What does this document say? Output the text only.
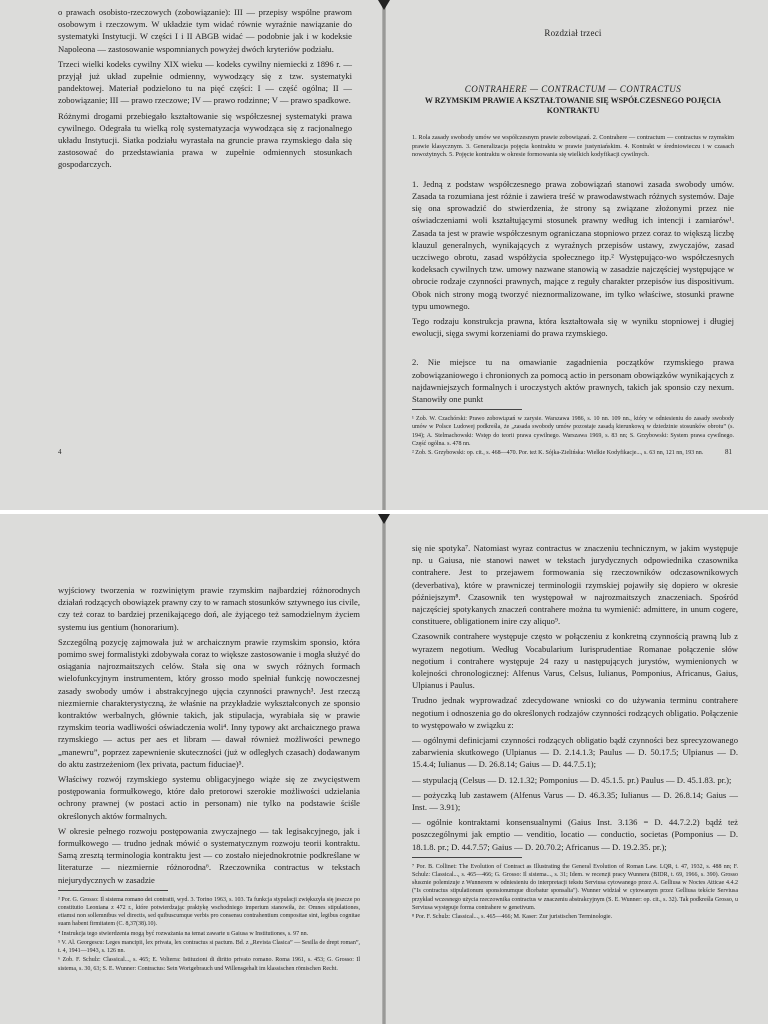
o prawach osobisto-rzeczowych (zobowiązanie): III — przepisy wspólne prawom osobowym i rzeczowym. W układzie tym widać równie wyraźnie nawiązanie do systematyki Instytucji. W części I i II ABGB widać — podobnie jak i w kodeksie Napoleona — zastosowanie wspomnianych powyżej dwóch kryteriów podziału.

Trzeci wielki kodeks cywilny XIX wieku — kodeks cywilny niemiecki z 1896 r. — przyjął już układ zupełnie odmienny, wywodzący się z tzw. systematyki pandektowej. Materiał podzielono tu na pięć części: I — część ogólna; II — zobowiązanie; III — prawo rzeczowe; IV — prawo rodzinne; V — prawo spadkowe.

Różnymi drogami przebiegało kształtowanie się współczesnej systematyki prawa cywilnego. Odegrała tu wielką rolę systematyzacja wywodząca się z racjonalnego układu Instytucji. Siatka podziału wyrastała na gruncie prawa rzymskiego dała się zastosować do przedstawiania prawa w zupełnie odmiennych stosunkach gospodarczych.

4
Rozdział trzeci
CONTRAHERE — CONTRACTUM — CONTRACTUS
W RZYMSKIM PRAWIE A KSZTAŁTOWANIE SIĘ WSPÓŁCZESNEGO POJĘCIA KONTRAKTU
1. Rola zasady swobody umów we współczesnym prawie zobowiązań. 2. Contrahere — contractum — contractus w rzymskim prawie klasycznym. 3. Generalizacja pojęcia kontraktu w prawie justyniańskim. 4. Kontrakt w średniowieczu i w czasach nowożytnych. 5. Pojęcie kontraktu w okresie formowania się wielkich kodyfikacji cywilnych.

1. Jedną z podstaw współczesnego prawa zobowiązań stanowi zasada swobody umów. Zasada ta rozumiana jest różnie i zawiera treść w prawodawstwach różnych systemów. Daje się ona sprowadzić do stwierdzenia, że strony są związane złożonymi przez nie oświadczeniami woli kształtującymi stosunek prawny według ich intencji i zamiarów¹. Zasada ta jest w prawie współczesnym ograniczana stopniowo przez coraz to większą liczbę klauzul generalnych, wynikających z wyraźnych przepisów ustawy, zwyczajów, zasad uczciwego obrotu, zasad współżycia społecznego itp.² Występująco-wo współczesnych kodeksach cywilnych tzw. umowy nazwane stanowią w zasadzie najczęściej występujące w obrocie rodzaje czynności prawnych, mające z reguły charakter przepisów ius dispositivum. Obok nich strony mogą tworzyć nieznormalizowane, im tylko właściwe, stosunki prawne typu umownego.

Tego rodzaju konstrukcja prawna, która kształtowała się w wyniku stopniowej i długiej ewolucji, sięga swymi korzeniami do prawa rzymskiego.

2. Nie miejsce tu na omawianie zagadnienia początków rzymskiego prawa zobowiązaniowego i chronionych za pomocą actio in personam obowiązków wynikających z najdawniejszych formalnych i uroczystych aktów prawnych, takich jak sponsio czy nexum. Stanowiły one punkt

¹ Zob. W. Czachórski: Prawo zobowiązań w zarysie. Warszawa 1986, s. 10 nn. 109 nn., który w odniesieniu do zasady swobody umów w Polsce Ludowej podkreśla, że „zasada swobody umów pozostaje zasadą kierunkową w dziedzinie stosunków obrotu” (s. 194); A. Stelmachowski: Wstęp do teorii prawa cywilnego. Warszawa 1969, s. 83 nn; S. Grzybowski: System prawa cywilnego. Część ogólna. s. 478 nn.
² Zob. S. Grzybowski: op. cit., s. 468—470. Por. też K. Sójka-Zielińska: Wielkie Kodyfikacje..., s. 63 nn, 121 nn, 193 nn.	81

wyjściowy tworzenia w rozwiniętym prawie rzymskim najbardziej różnorodnych działań rodzących obowiązek prawny czy to w ramach stosunków sztywnego ius civile, czy też coraz to bardziej przenikającego doń, ale żyjącego też samodzielnym życiem systemu ius gentium (honorarium).

Szczególną pozycję zajmowała już w archaicznym prawie rzymskim sponsio, która pomimo swej formalistyki zdobywała coraz to większe zastosowanie i mogła służyć do osiągania najrozmaitszych celów. Stała się ona w swych różnych formach wielofunkcyjnym instrumentem, który grosso modo spełniał funkcję nowoczesnej zasady swobody umów i abstrakcyjnego ujęcia czynności prawnych³. Jest rzeczą niezmiernie charakterystyczną, że właśnie na przykładzie wykształconych ze sponsio kontraktów werbalnych, głównie takich, jak stipulacja, wyrabiała się w prawie rzymskim teoria wadliwości oświadczenia woli⁴. Inny typowy akt archaicznego prawa rzymskiego — actus per aes et libram — dawał również możliwości pewnego „manewru”, poprzez zapewnienie skuteczności (już w odległych czasach) dodawanym do aktu zastrzeżeniom (lex privata, pactum fiduciae)⁵.

Właściwy rozwój rzymskiego systemu obligacyjnego wiąże się ze zwycięstwem postępowania formułkowego, które dało pretorowi szerokie możliwości udzielania ochrony prawnej (w postaci actio in personam) nie tylko na podstawie ściśle określonych aktów formalnych.

W okresie pełnego rozwoju postępowania zwyczajnego — tak legisakcyjnego, jak i formułkowego — trudno jednak mówić o systematycznym rozwoju teorii kontraktu. Samą zresztą terminologia kontraktu jest — co zostało niejednokrotnie podkreślane w literaturze — niezmiernie różnorodna⁶. Rzeczownika contractus w tekstach niejurydycznych w zasadzie

³ Por. G. Grosso: Il sistema romano dei contratti, wyd. 3. Torino 1963, s. 103. Ta funkcja stypulacji zwiększyła się jeszcze po constitutio Leoniana z 472 r., które potwierdzając praktykę wschodniego imperium stanowiła, że: Omnes stipulationes, etiamsi non sollemnibus vel directis, sed quibuscumque verbis pro consensu contrahentium compositae sint, legibus cognitae suam habent firmitatem (C. 8,37(38).10).
⁴ Instrukcja tego stwierdzenia mogą być rozważania na temat zawarte u Gaiusa w Institutiones, s. 97 nn.
⁵ V. Al. Georgescu: Leges mancipii, lex privata, lex contractus si pactum. Bd. z „Revista Clasica” — Sesilla de drept roman”, t. 4, 1941—1943, s. 126 nn.
⁶ Zob. F. Schulz: Classical..., s. 465; E. Volterra: Istituzioni di diritto privato romano. Roma 1961, s. 453; G. Grosso: Il sistema, s. 30, 63; S. E. Wunner: Contractus: Sein Wortgebrauch und Willensgehalt im klassischen römischen Recht.

się nie spotyka⁷. Natomiast wyraz contractus w znaczeniu technicznym, w jakim występuje np. u Gaiusa, nie stanowi nawet w tekstach jurydycznych odpowiednika czasownika contrahere. Jest to przejawem formowania się rzeczowników odczasownikowych (deverbativa), które w prawniczej terminologii rzymskiej pojawiły się dopiero w okresie późniejszym⁸. Czasownik ten występował w najrozmaitszych znaczeniach. Spośród najczęściej spotykanych znaczeń contrahere można tu wymienić: admittere, in unum cogere, constituere, obligationem inire czy aliquo⁹.

Czasownik contrahere występuje często w połączeniu z konkretną czynnością prawną lub z wyrazem negotium. Według Vocabularium Iurisprudentiae Romanae połączenie słów negotium i contrahere występuje 24 razy u następujących jurystów, wymienionych w kolejności chronologicznej: Alfenus Varus, Celsus, Iulianus, Pomponius, Africanus, Gaius, Ulpianus i Paulus.

Trudno jednak wyprowadzać zdecydowane wnioski co do używania terminu contrahere negotium i odnoszenia go do określonych rodzajów czynności rodzących obligatio. Połączenie to występowało w związku z:

— ogólnymi definicjami czynności rodzących obligatio bądź czynności bez sprecyzowanego zabarwienia skutkowego (Ulpianus — D. 2.14.1.3; Paulus — D. 50.17.5; Ulpianus — D. 15.4.4; Iulianus — D. 26.8.14; Gaius — D. 44.7.5.1);

— stypulacją (Celsus — D. 12.1.32; Pomponius — D. 45.1.5. pr.) Paulus — D. 45.1.83. pr.);

— pożyczką lub zastawem (Alfenus Varus — D. 46.3.35; Iulianus — D. 26.8.14; Gaius — Inst. — 3.91);

— ogólnie kontraktami konsensualnymi (Gaius Inst. 3.136 = D. 44.7.2.2) bądź też poszczególnymi jak emptio — venditio, locatio — conductio, societas (Pomponius — D. 18.1.8. pr.; D. 44.7.57; Gaius — D. 20.70.2; Africanus — D. 19.2.35. pr.);

⁷ Por. B. Collinet: The Evolution of Contract as Illustrating the General Evolution of Roman Law. LQR, t. 47, 1932, s. 488 nn; F. Schulz: Classical..., s. 465—466; G. Grosso: Il sistema..., s. 31; Idem. w recenzji pracy Wunnera (BIDR, t. 69, 1966, s. 390). Grosso słusznie polemizuje z Wunnerem w odniesieniu do interpretacji tekstu Serviusa cytowanego przez A. Gelliusa w Noctes Atticae 4.4.2 ("Is contractus stipulationum sponsionumque dicebatur sponsalia"). Wunner widział w cytowanym przez Gelliusa tekście Serviusa przykład wczesnego użycia rzeczownika contractus w znaczeniu abstrakcyjnym (S. E. Wunner: op. cit., s. 32). Tak podkreśla Grosso, u Serviusa występuje forma contrahere w genetivum.
⁸ Por. F. Schulz: Classical..., s. 465—466; M. Kaser: Zur juristischen Terminologie.
